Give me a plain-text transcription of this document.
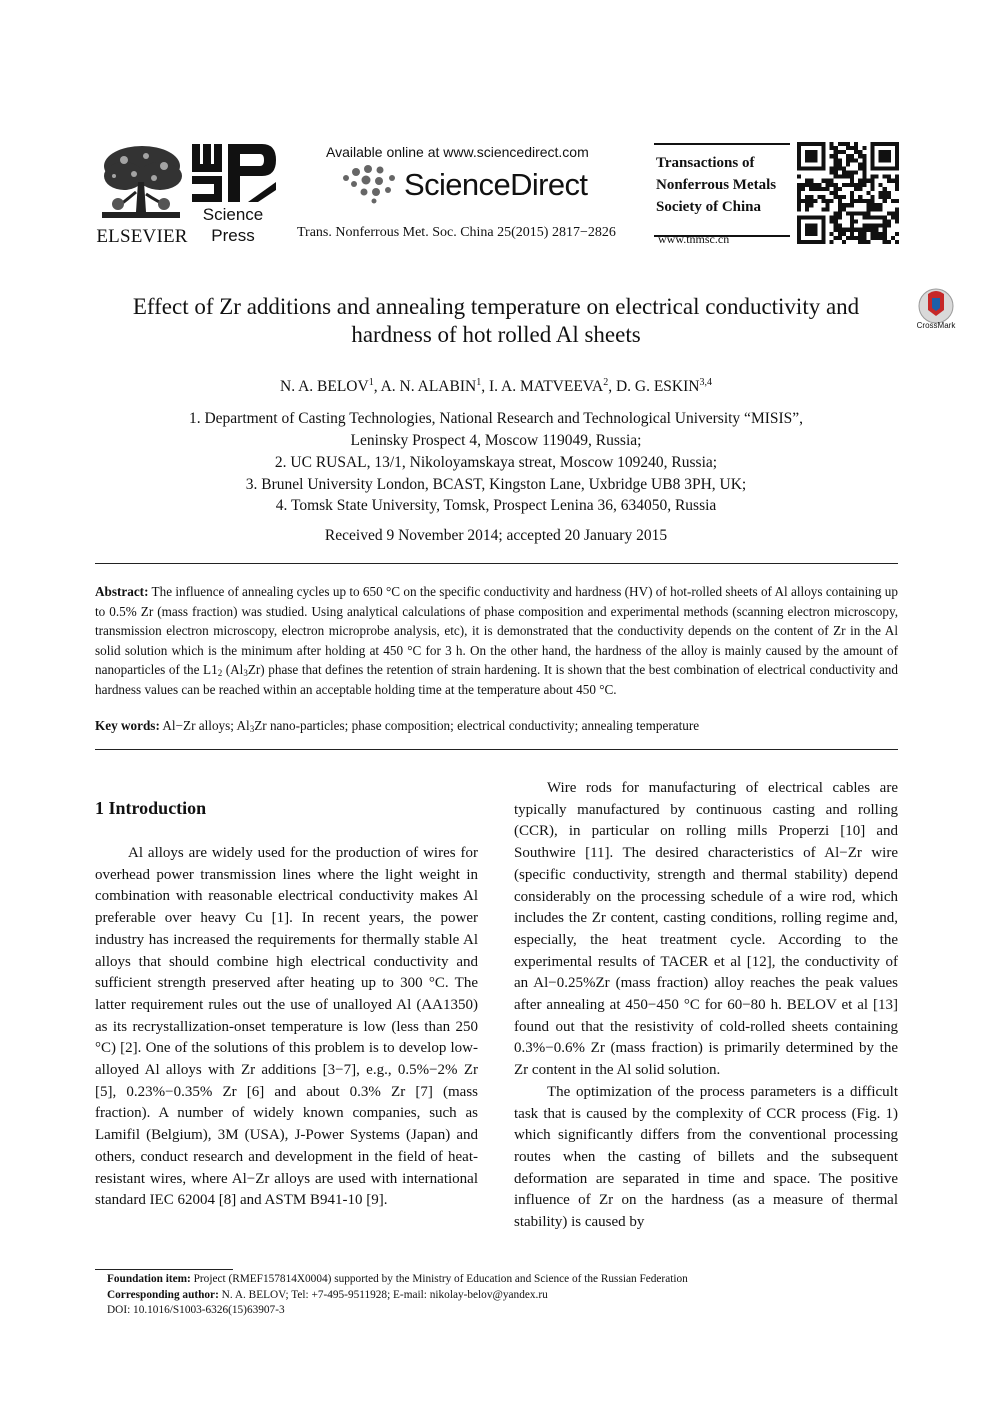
ELSEVIER
Science
Press
Available online at www.sciencedirect.com
ScienceDirect
Trans. Nonferrous Met. Soc. China 25(2015) 2817−2826
Transactions of
Nonferrous Metals
Society of China
www.tnmsc.cn
Effect of Zr additions and annealing temperature on electrical conductivity and
hardness of hot rolled Al sheets	CrossMark
N. A. BELOV$^1$, A. N. ALABIN$^1$, I. A. MATVEEVA$^2$, D. G. ESKIN$^{3,4}$
1. Department of Casting Technologies, National Research and Technological University “MISIS”,
Leninsky Prospect 4, Moscow 119049, Russia;
2. UC RUSAL, 13/1, Nikoloyamskaya streat, Moscow 109240, Russia;
3. Brunel University London, BCAST, Kingston Lane, Uxbridge UB8 3PH, UK;
4. Tomsk State University, Tomsk, Prospect Lenina 36, 634050, Russia
Received 9 November 2014; accepted 20 January 2015
Abstract: The influence of annealing cycles up to 650 °C on the specific conductivity and hardness (HV) of hot-rolled sheets of Al alloys containing up to 0.5% Zr (mass fraction) was studied. Using analytical calculations of phase composition and experimental methods (scanning electron microscopy, transmission electron microscopy, electron microprobe analysis, etc), it is demonstrated that the conductivity depends on the content of Zr in the Al solid solution which is the minimum after holding at 450 °C for 3 h. On the other hand, the hardness of the alloy is mainly caused by the amount of nanoparticles of the $L1_2$ $(Al_3Zr)$ phase that defines the retention of strain hardening. It is shown that the best combination of electrical conductivity and hardness values can be reached within an acceptable holding time at the temperature about 450 °C.
Key words: Al−Zr alloys; $Al_3Zr$ nano-particles; phase composition; electrical conductivity; annealing temperature
1 Introduction

Al alloys are widely used for the production of wires for overhead power transmission lines where the light weight in combination with reasonable electrical conductivity makes Al preferable over heavy Cu [1]. In recent years, the power industry has increased the requirements for thermally stable Al alloys that should combine high electrical conductivity and sufficient strength preserved after heating up to 300 °C. The latter requirement rules out the use of unalloyed Al (AA1350) as its recrystallization-onset temperature is low (less than 250 °C) [2]. One of the solutions of this problem is to develop low-alloyed Al alloys with Zr additions [3−7], e.g., 0.5%−2% Zr [5], 0.23%−0.35% Zr [6] and about 0.3% Zr [7] (mass fraction). A number of widely known companies, such as Lamifil (Belgium), 3M (USA), J-Power Systems (Japan) and others, conduct research and development in the field of heat-resistant wires, where Al−Zr alloys are used with international standard IEC 62004 [8] and ASTM B941-10 [9].

Wire rods for manufacturing of electrical cables are typically manufactured by continuous casting and rolling (CCR), in particular on rolling mills Properzi [10] and Southwire [11]. The desired characteristics of Al−Zr wire (specific conductivity, strength and thermal stability) depend considerably on the processing schedule of a wire rod, which includes the Zr content, casting conditions, rolling regime and, especially, the heat treatment cycle. According to the experimental results of TACER et al [12], the conductivity of an Al−0.25%Zr (mass fraction) alloy reaches the peak values after annealing at 450−450 °C for 60−80 h. BELOV et al [13] found out that the resistivity of cold-rolled sheets containing 0.3%−0.6% Zr (mass fraction) is primarily determined by the Zr content in the Al solid solution.

The optimization of the process parameters is a difficult task that is caused by the complexity of CCR process (Fig. 1) which significantly differs from the conventional processing routes when the casting of billets and the subsequent deformation are separated in time and space. The positive influence of Zr on the hardness (as a measure of thermal stability) is caused by

Foundation item: Project (RMEF157814X0004) supported by the Ministry of Education and Science of the Russian Federation
Corresponding author: N. A. BELOV; Tel: +7-495-9511928; E-mail: nikolay-belov@yandex.ru
DOI: 10.1016/S1003-6326(15)63907-3
